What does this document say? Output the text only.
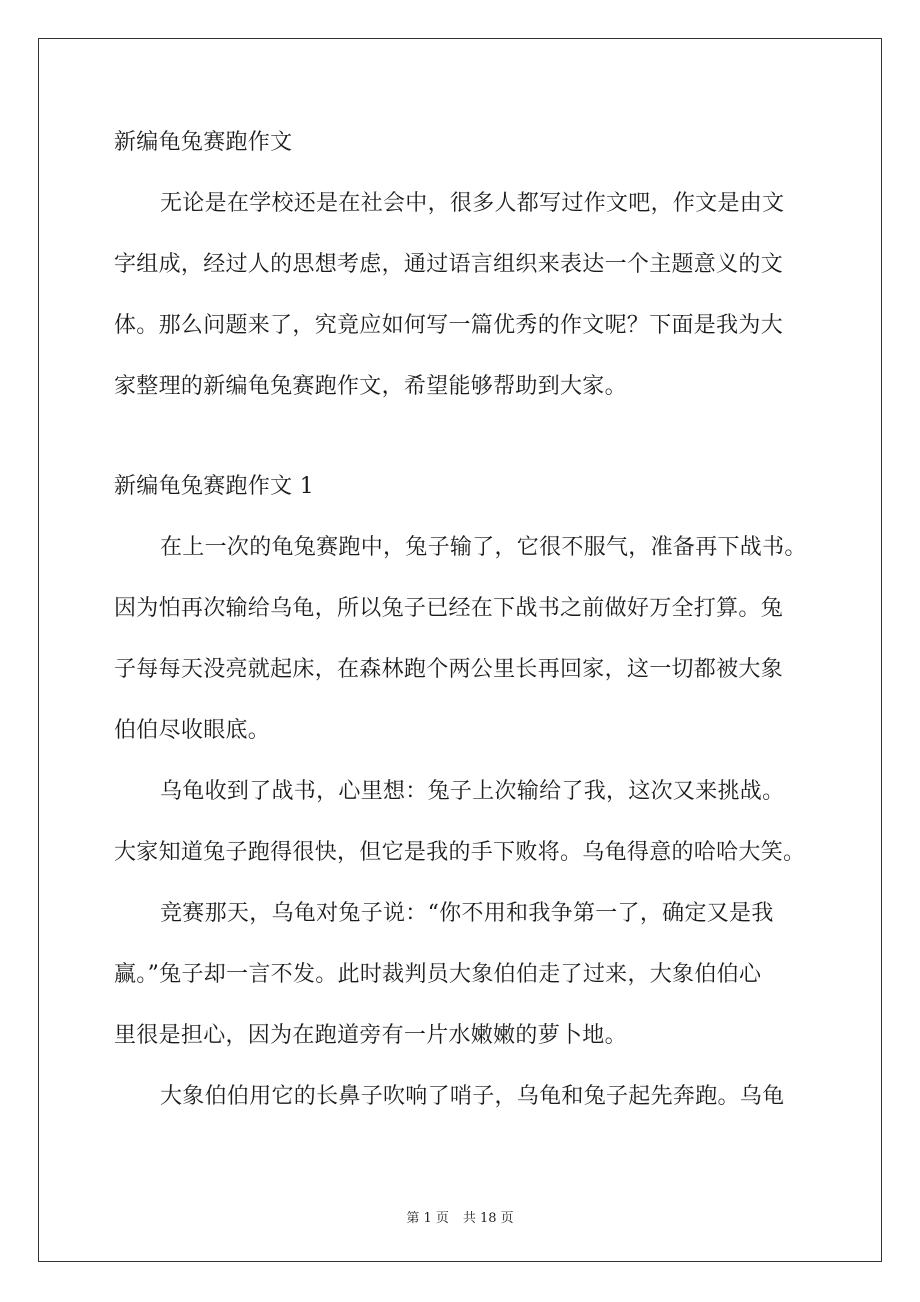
新编龟兔赛跑作文
无论是在学校还是在社会中，很多人都写过作文吧，作文是由文
字组成，经过人的思想考虑，通过语言组织来表达一个主题意义的文
体。那么问题来了，究竟应如何写一篇优秀的作文呢？下面是我为大
家整理的新编龟兔赛跑作文，希望能够帮助到大家。
新编龟兔赛跑作文 1
在上一次的龟兔赛跑中，兔子输了，它很不服气，准备再下战书。
因为怕再次输给乌龟，所以兔子已经在下战书之前做好万全打算。兔
子每每天没亮就起床，在森林跑个两公里长再回家，这一切都被大象
伯伯尽收眼底。
乌龟收到了战书，心里想：兔子上次输给了我，这次又来挑战。
大家知道兔子跑得很快，但它是我的手下败将。乌龟得意的哈哈大笑。
竞赛那天，乌龟对兔子说：“你不用和我争第一了，确定又是我
赢。”兔子却一言不发。此时裁判员大象伯伯走了过来，大象伯伯心
里很是担心，因为在跑道旁有一片水嫩嫩的萝卜地。
大象伯伯用它的长鼻子吹响了哨子，乌龟和兔子起先奔跑。乌龟
第 1 页 共 18 页
